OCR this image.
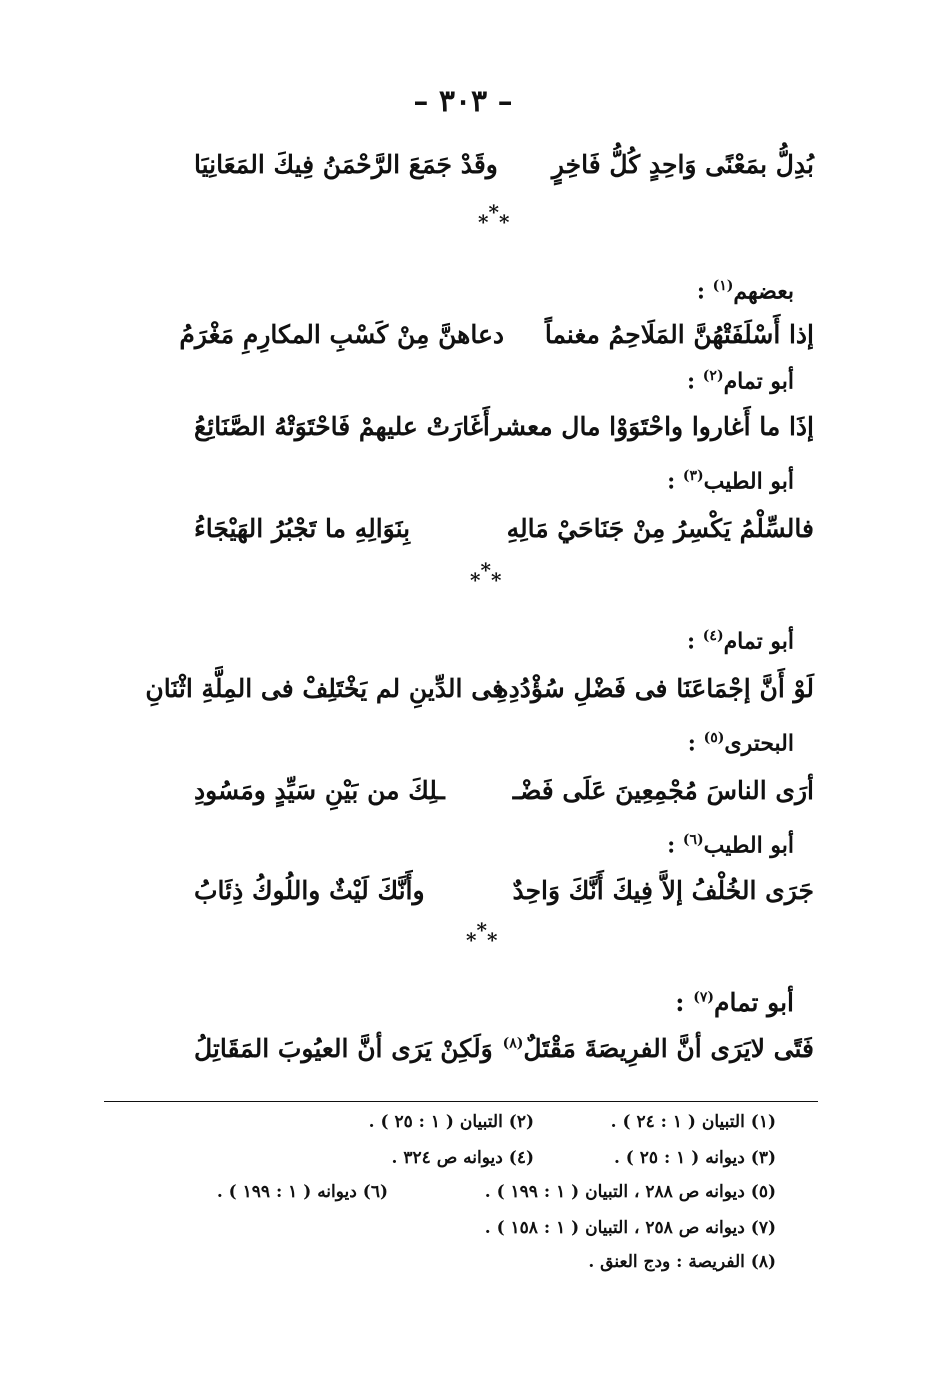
– ٣٠٣ –
بُدِلُّ بمَعْنًى وَاحِدٍ كُلُّ فَاخِرٍ
وقَدْ جَمَعَ الرَّحْمَنُ فِيكَ المَعَانِيَا
***
بعضهم$^{(١)}$ :
إذا أَسْلَفَتْهُنَّ المَلَاحِمُ مغنماً
دعاهنَّ مِنْ كَسْبِ المكارِمِ مَغْرَمُ
أبو تمام$^{(٢)}$ :
إذَا ما أَغاروا واحْتَوَوْا مال معشر
أَغَارَتْ عليهمْ فَاحْتَوَتْهُ الصَّنَائِعُ
أبو الطيب$^{(٣)}$ :
فالسِّلْمُ يَكْسِرُ مِنْ جَنَاحَيْ مَالِهِ
بِنَوَالِهِ ما تَجْبُرُ الهَيْجَاءُ
***
أبو تمام$^{(٤)}$ :
لَوْ أَنَّ إجْمَاعَنَا فى فَضْلِ سُؤْدُدِهِ
فى الدِّينِ لم يَخْتَلِفْ فى المِلَّةِ اثْنَانِ
البحترى$^{(٥)}$ :
أرَى الناسَ مُجْمِعِينَ عَلَى فَضْـ
ـلِكَ من بَيْنِ سَيِّدٍ ومَسُودِ
أبو الطيب$^{(٦)}$ :
جَرَى الخُلْفُ إلاَّ فِيكَ أَنَّكَ وَاحِدٌ
وأَنَّكَ لَيْثٌ واللُوكُ ذِئَابُ
***
أبو تمام$^{(٧)}$ :
فَتًى لايَرَى أنَّ الفرِيصَةَ مَقْتَلٌ$^{(٨)}$
وَلَكِنْ يَرَى أنَّ العيُوبَ المَقَاتِلُ
(١) التبيان ( ١ : ٢٤ ) .
(٢) التبيان ( ١ : ٢٥ ) .
(٣) ديوانه ( ١ : ٢٥ ) .
(٤) ديوانه ص ٣٢٤ .
(٥) ديوانه ص ٢٨٨ ، التبيان ( ١ : ١٩٩ ) .
(٦) ديوانه ( ١ : ١٩٩ ) .
(٧) ديوانه ص ٢٥٨ ، التبيان ( ١ : ١٥٨ ) .
(٨) الفريصة : ودج العنق .
